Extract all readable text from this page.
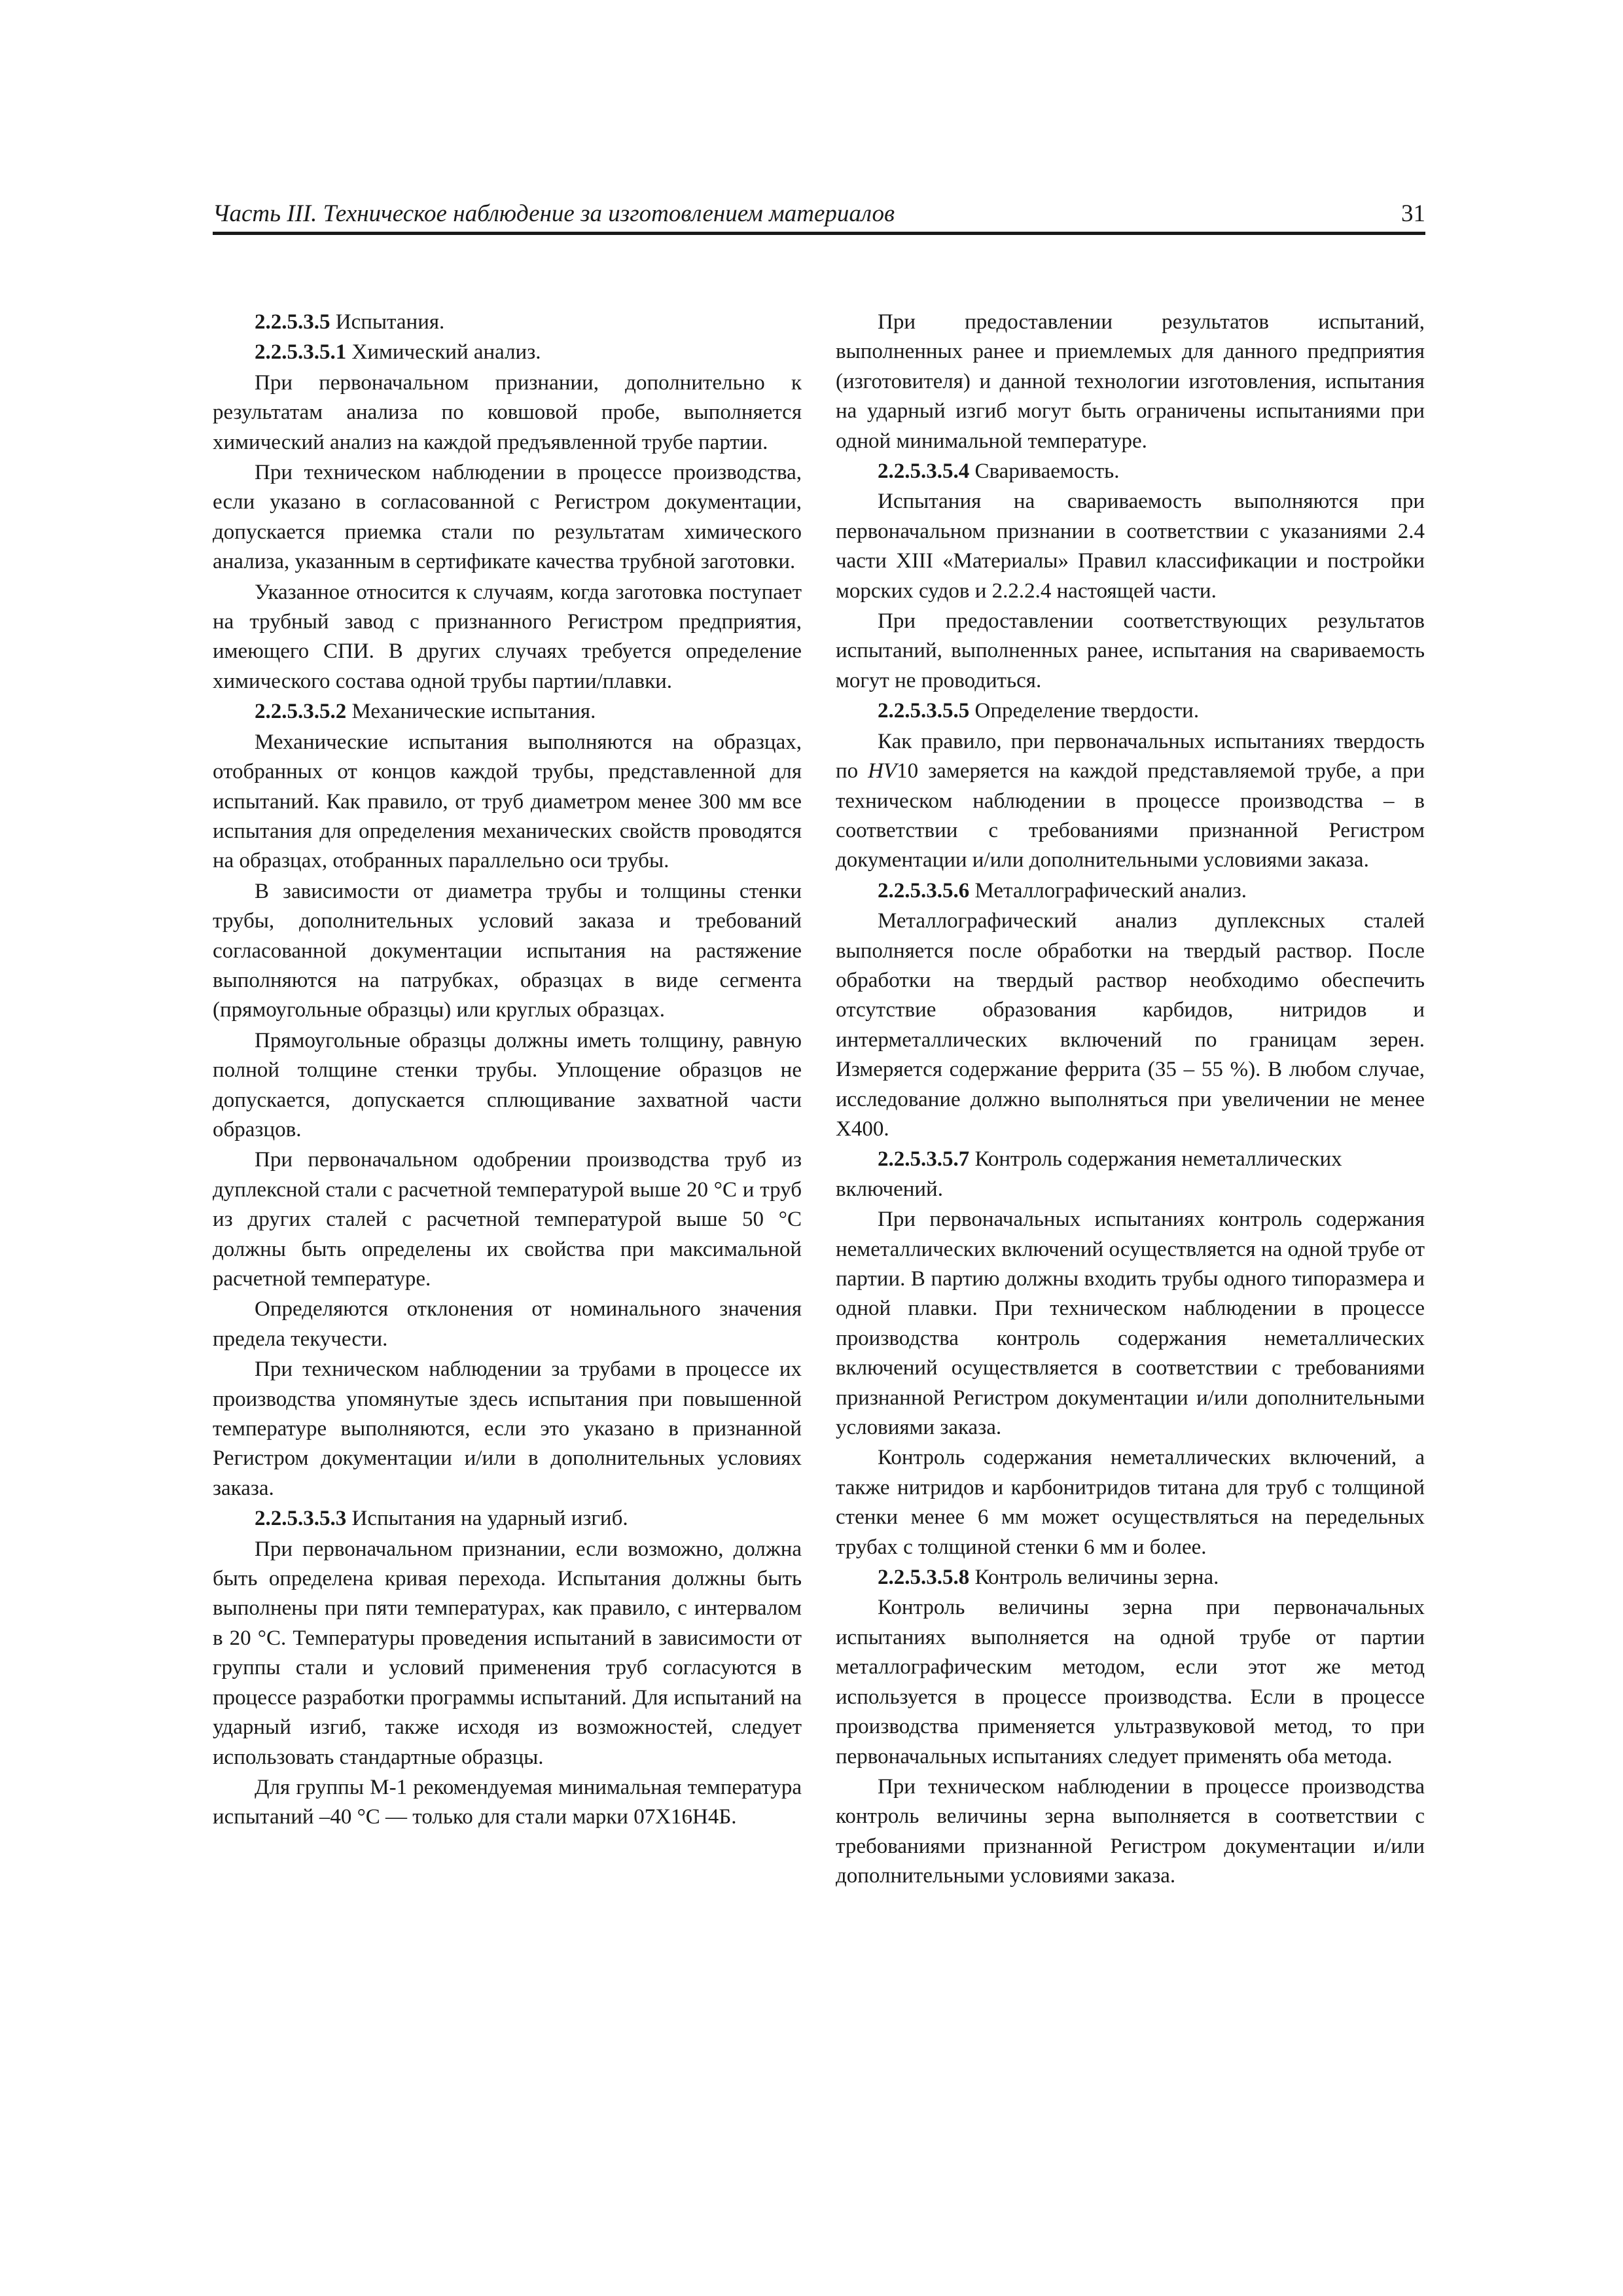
Часть III. Техническое наблюдение за изготовлением материалов	31

2.2.5.3.5 Испытания.

2.2.5.3.5.1 Химический анализ.

При первоначальном признании, дополнительно к результатам анализа по ковшовой пробе, выполняется химический анализ на каждой предъявленной трубе партии.

При техническом наблюдении в процессе производства, если указано в согласованной с Регистром документации, допускается приемка стали по результатам химического анализа, указанным в сертификате качества трубной заготовки.

Указанное относится к случаям, когда заготовка поступает на трубный завод с признанного Регистром предприятия, имеющего СПИ. В других случаях требуется определение химического состава одной трубы партии/плавки.

2.2.5.3.5.2 Механические испытания.

Механические испытания выполняются на образцах, отобранных от концов каждой трубы, представленной для испытаний. Как правило, от труб диаметром менее 300 мм все испытания для определения механических свойств проводятся на образцах, отобранных параллельно оси трубы.

В зависимости от диаметра трубы и толщины стенки трубы, дополнительных условий заказа и требований согласованной документации испытания на растяжение выполняются на патрубках, образцах в виде сегмента (прямоугольные образцы) или круглых образцах.

Прямоугольные образцы должны иметь толщину, равную полной толщине стенки трубы. Уплощение образцов не допускается, допускается сплющивание захватной части образцов.

При первоначальном одобрении производства труб из дуплексной стали с расчетной температурой выше 20 °C и труб из других сталей с расчетной температурой выше 50 °C должны быть определены их свойства при максимальной расчетной температуре.

Определяются отклонения от номинального значения предела текучести.

При техническом наблюдении за трубами в процессе их производства упомянутые здесь испытания при повышенной температуре выполняются, если это указано в признанной Регистром документации и/или в дополнительных условиях заказа.

2.2.5.3.5.3 Испытания на ударный изгиб.

При первоначальном признании, если возможно, должна быть определена кривая перехода. Испытания должны быть выполнены при пяти температурах, как правило, с интервалом в 20 °C. Температуры проведения испытаний в зависимости от группы стали и условий применения труб согласуются в процессе разработки программы испытаний. Для испытаний на ударный изгиб, также исходя из возможностей, следует использовать стандартные образцы.

Для группы М-1 рекомендуемая минимальная температура испытаний –40 °C — только для стали марки 07Х16Н4Б.

При предоставлении результатов испытаний, выполненных ранее и приемлемых для данного предприятия (изготовителя) и данной технологии изготовления, испытания на ударный изгиб могут быть ограничены испытаниями при одной минимальной температуре.

2.2.5.3.5.4 Свариваемость.

Испытания на свариваемость выполняются при первоначальном признании в соответствии с указаниями 2.4 части XIII «Материалы» Правил классификации и постройки морских судов и 2.2.2.4 настоящей части.

При предоставлении соответствующих результатов испытаний, выполненных ранее, испытания на свариваемость могут не проводиться.

2.2.5.3.5.5 Определение твердости.

Как правило, при первоначальных испытаниях твердость по HV10 замеряется на каждой представляемой трубе, а при техническом наблюдении в процессе производства – в соответствии с требованиями признанной Регистром документации и/или дополнительными условиями заказа.

2.2.5.3.5.6 Металлографический анализ.

Металлографический анализ дуплексных сталей выполняется после обработки на твердый раствор. После обработки на твердый раствор необходимо обеспечить отсутствие образования карбидов, нитридов и интерметаллических включений по границам зерен. Измеряется содержание феррита (35 – 55 %). В любом случае, исследование должно выполняться при увеличении не менее Х400.

2.2.5.3.5.7 Контроль содержания неметаллических включений.

При первоначальных испытаниях контроль содержания неметаллических включений осуществляется на одной трубе от партии. В партию должны входить трубы одного типоразмера и одной плавки. При техническом наблюдении в процессе производства контроль содержания неметаллических включений осуществляется в соответствии с требованиями признанной Регистром документации и/или дополнительными условиями заказа.

Контроль содержания неметаллических включений, а также нитридов и карбонитридов титана для труб с толщиной стенки менее 6 мм может осуществляться на передельных трубах с толщиной стенки 6 мм и более.

2.2.5.3.5.8 Контроль величины зерна.

Контроль величины зерна при первоначальных испытаниях выполняется на одной трубе от партии металлографическим методом, если этот же метод используется в процессе производства. Если в процессе производства применяется ультразвуковой метод, то при первоначальных испытаниях следует применять оба метода.

При техническом наблюдении в процессе производства контроль величины зерна выполняется в соответствии с требованиями признанной Регистром документации и/или дополнительными условиями заказа.
